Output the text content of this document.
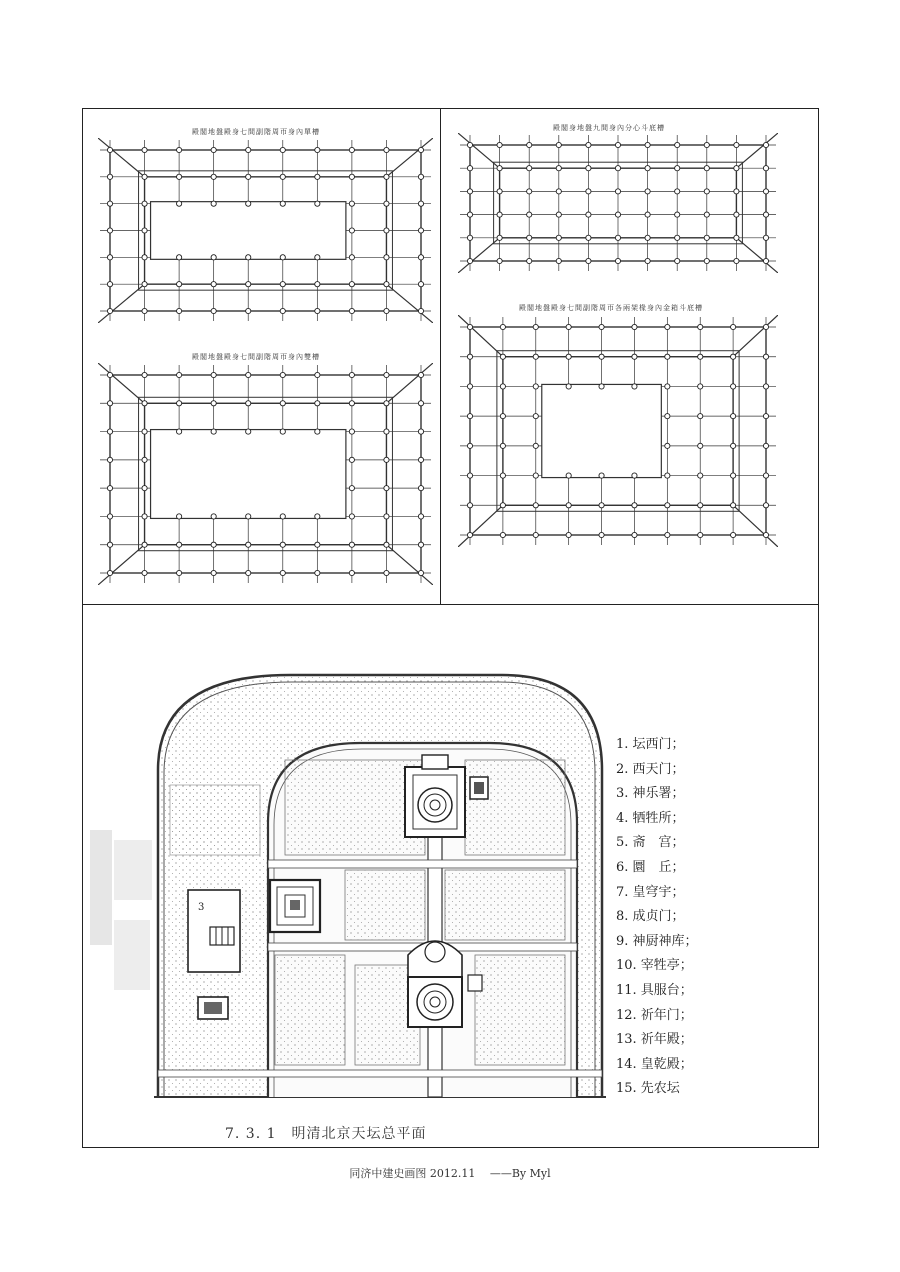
殿閣地盤殿身七間副階周帀身內單槽	殿閣身地盤九間身內分心斗底槽
殿閣地盤殿身七間副階周帀身內雙槽
殿閣地盤殿身七間副階周帀各兩架椽身內金箱斗底槽
3
1. 坛西门；
2. 西天门；
3. 神乐署；
4. 牺牲所；
5. 斋　宫；
6. 圜　丘；
7. 皇穹宇；
8. 成贞门；
9. 神厨神库；
10. 宰牲亭；
11. 具服台；
12. 祈年门；
13. 祈年殿；
14. 皇乾殿；
15. 先农坛
7. 3. 1　明清北京天坛总平面
同济中建史画图 2012.11　 ——By Myl
